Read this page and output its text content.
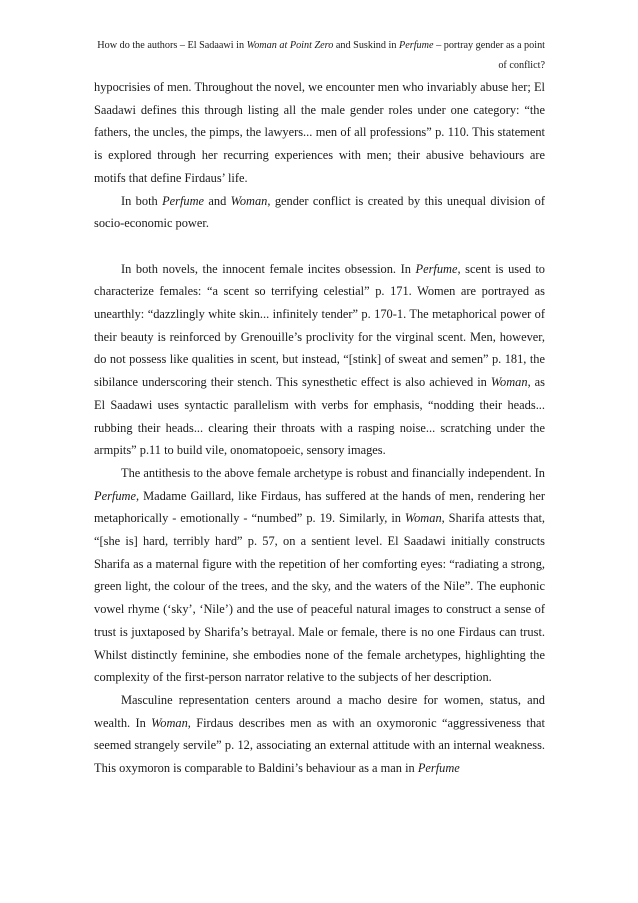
How do the authors – El Sadaawi in Woman at Point Zero and Suskind in Perfume – portray gender as a point of conflict?

hypocrisies of men. Throughout the novel, we encounter men who invariably abuse her; El Saadawi defines this through listing all the male gender roles under one category: “the fathers, the uncles, the pimps, the lawyers... men of all professions” p. 110. This statement is explored through her recurring experiences with men; their abusive behaviours are motifs that define Firdaus’ life.

In both Perfume and Woman, gender conflict is created by this unequal division of socio-economic power.

In both novels, the innocent female incites obsession. In Perfume, scent is used to characterize females: “a scent so terrifying celestial” p. 171. Women are portrayed as unearthly: “dazzlingly white skin... infinitely tender” p. 170-1. The metaphorical power of their beauty is reinforced by Grenouille’s proclivity for the virginal scent. Men, however, do not possess like qualities in scent, but instead, “[stink] of sweat and semen” p. 181, the sibilance underscoring their stench. This synesthetic effect is also achieved in Woman, as El Saadawi uses syntactic parallelism with verbs for emphasis, “nodding their heads... rubbing their heads... clearing their throats with a rasping noise... scratching under the armpits” p.11 to build vile, onomatopoeic, sensory images.

The antithesis to the above female archetype is robust and financially independent. In Perfume, Madame Gaillard, like Firdaus, has suffered at the hands of men, rendering her metaphorically - emotionally - “numbed” p. 19. Similarly, in Woman, Sharifa attests that, “[she is] hard, terribly hard” p. 57, on a sentient level. El Saadawi initially constructs Sharifa as a maternal figure with the repetition of her comforting eyes: “radiating a strong, green light, the colour of the trees, and the sky, and the waters of the Nile”. The euphonic vowel rhyme (‘sky’, ‘Nile’) and the use of peaceful natural images to construct a sense of trust is juxtaposed by Sharifa’s betrayal. Male or female, there is no one Firdaus can trust. Whilst distinctly feminine, she embodies none of the female archetypes, highlighting the complexity of the first-person narrator relative to the subjects of her description.

Masculine representation centers around a macho desire for women, status, and wealth. In Woman, Firdaus describes men as with an oxymoronic “aggressiveness that seemed strangely servile” p. 12, associating an external attitude with an internal weakness. This oxymoron is comparable to Baldini’s behaviour as a man in Perfume
